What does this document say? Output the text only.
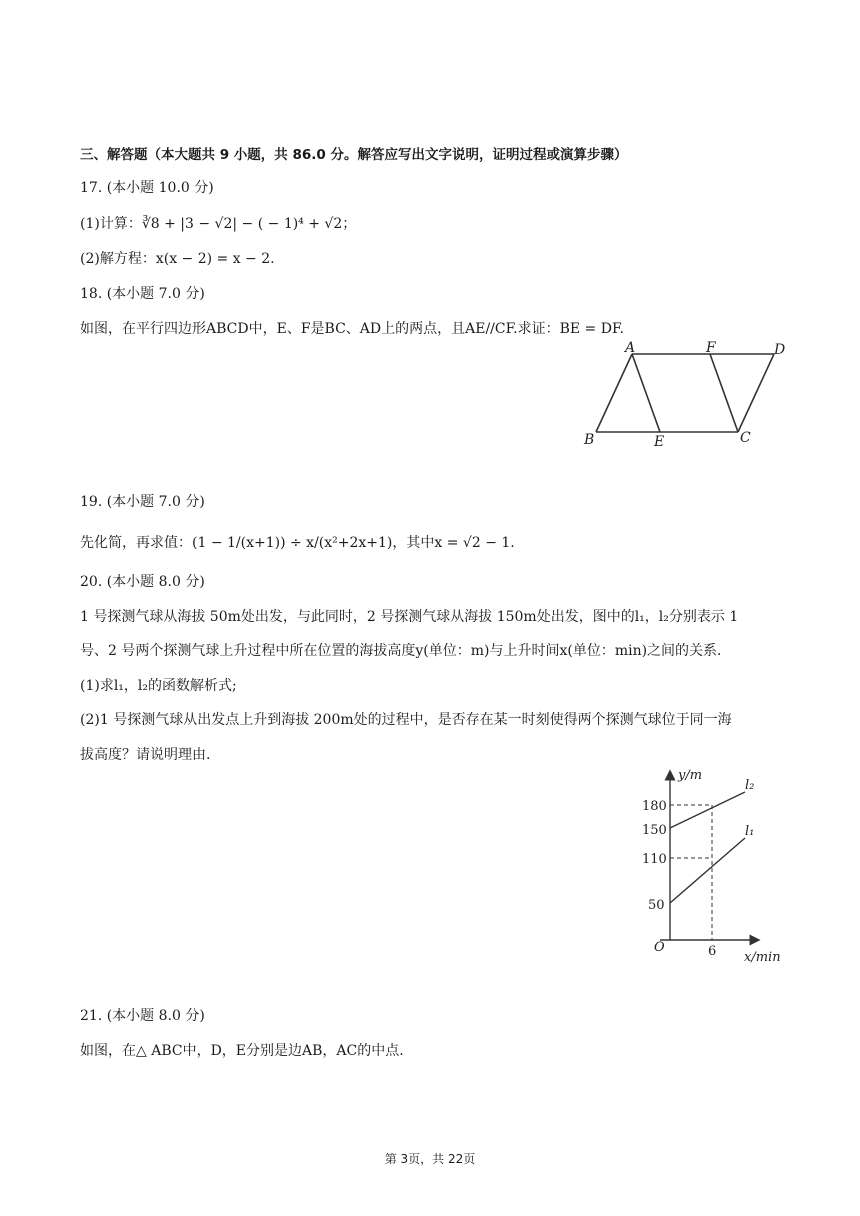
三、解答题（本大题共 9 小题，共 86.0 分。解答应写出文字说明，证明过程或演算步骤）
17. (本小题 10.0 分)
(1)计算：∛8 + |3 − √2| − ( − 1)⁴ + √2；
(2)解方程：x(x − 2) = x − 2.
18. (本小题 7.0 分)
如图，在平行四边形ABCD中，E、F是BC、AD上的两点，且AE//CF.求证：BE = DF.
A	F	D
B	E	C
19. (本小题 7.0 分)
先化简，再求值：(1 − 1/(x+1)) ÷ x/(x²+2x+1)，其中x = √2 − 1.
20. (本小题 8.0 分)
1 号探测气球从海拔 50m处出发，与此同时，2 号探测气球从海拔 150m处出发，图中的l₁，l₂分别表示 1
号、2 号两个探测气球上升过程中所在位置的海拔高度y(单位：m)与上升时间x(单位：min)之间的关系.
(1)求l₁，l₂的函数解析式;
(2)1 号探测气球从出发点上升到海拔 200m处的过程中，是否存在某一时刻使得两个探测气球位于同一海
拔高度？请说明理由.
y/m
x/min
O
180
150
110
50
6
l₂
l₁
21. (本小题 8.0 分)
如图，在△ ABC中，D，E分别是边AB，AC的中点.
第 3页，共 22页
